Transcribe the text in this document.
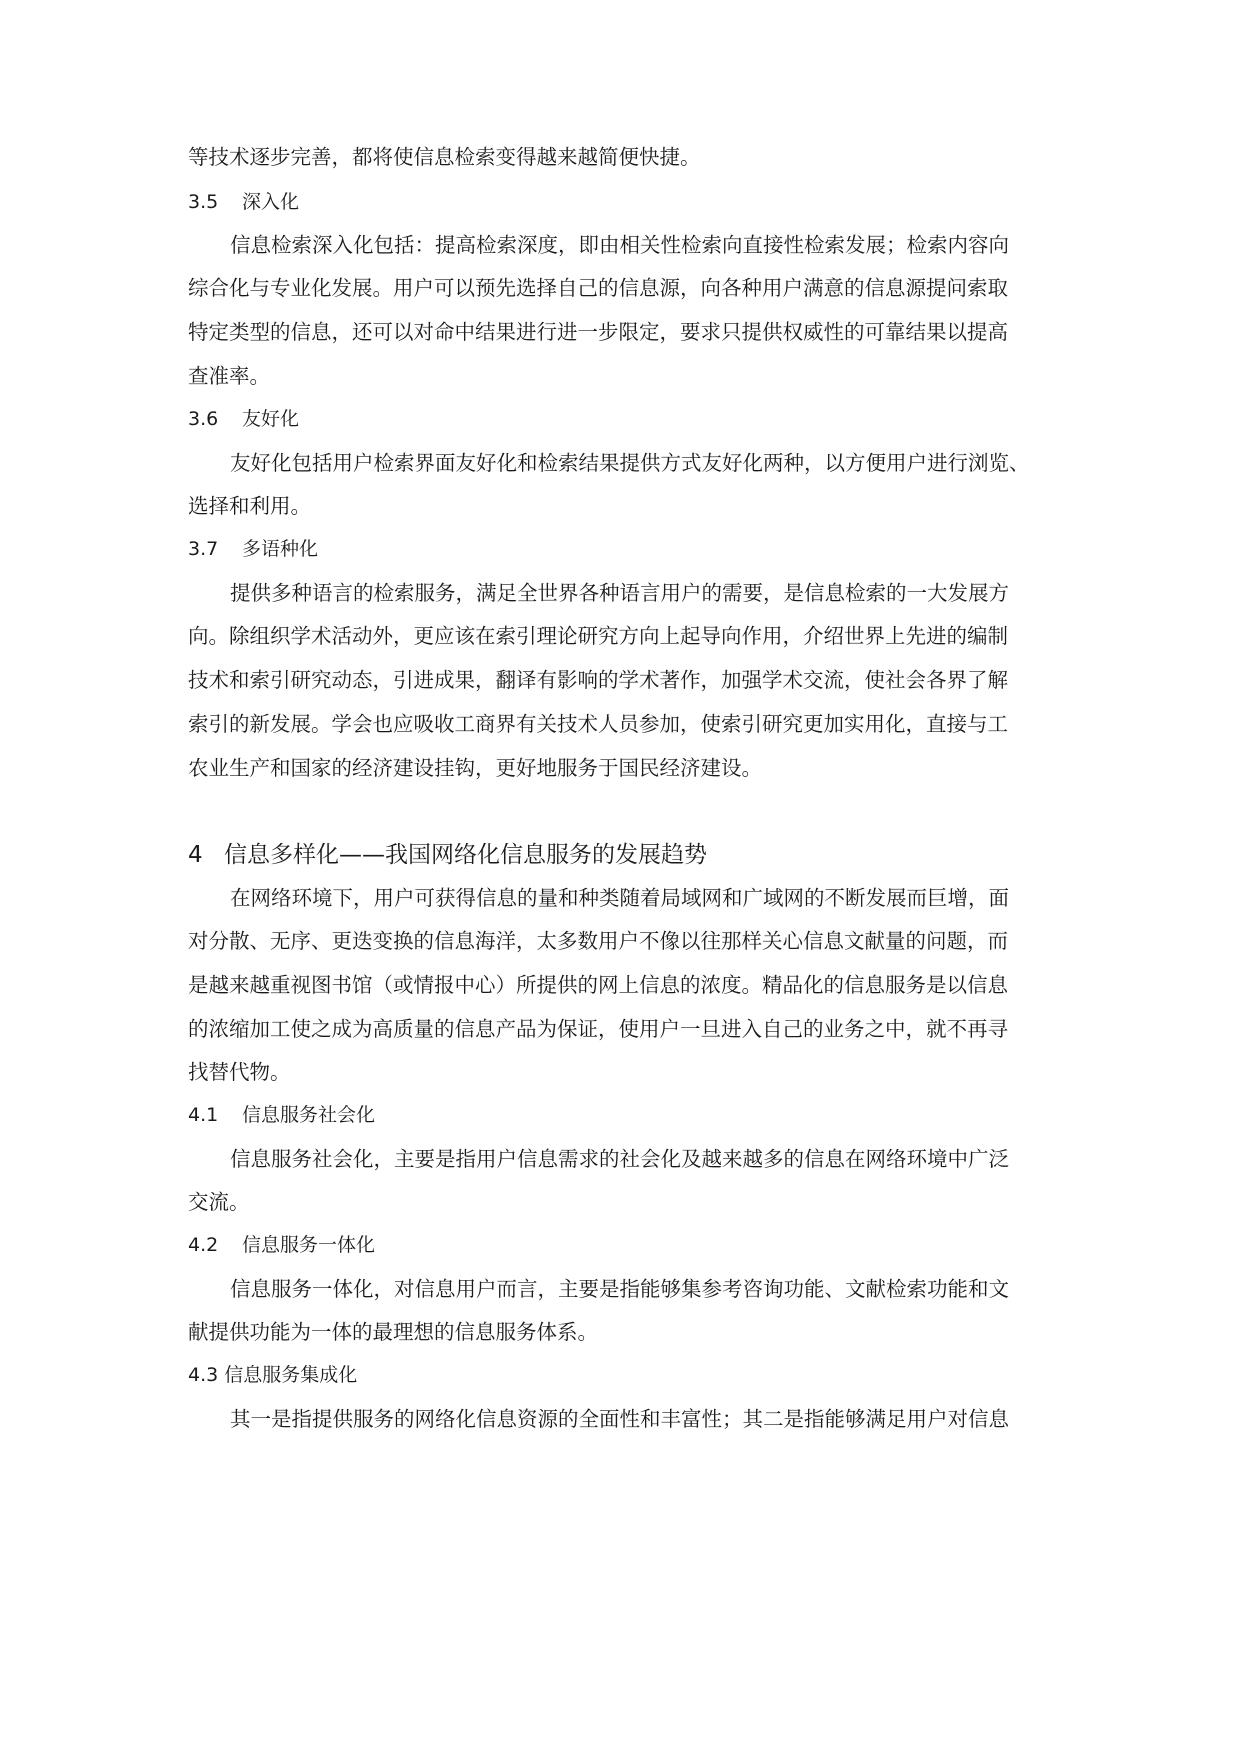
等技术逐步完善，都将使信息检索变得越来越简便快捷。
3.5 深入化
信息检索深入化包括：提高检索深度，即由相关性检索向直接性检索发展；检索内容向
综合化与专业化发展。用户可以预先选择自己的信息源，向各种用户满意的信息源提问索取
特定类型的信息，还可以对命中结果进行进一步限定，要求只提供权威性的可靠结果以提高
查准率。
3.6 友好化
友好化包括用户检索界面友好化和检索结果提供方式友好化两种，以方便用户进行浏览、
选择和利用。
3.7 多语种化
提供多种语言的检索服务，满足全世界各种语言用户的需要，是信息检索的一大发展方
向。除组织学术活动外，更应该在索引理论研究方向上起导向作用，介绍世界上先进的编制
技术和索引研究动态，引进成果，翻译有影响的学术著作，加强学术交流，使社会各界了解
索引的新发展。学会也应吸收工商界有关技术人员参加，使索引研究更加实用化，直接与工
农业生产和国家的经济建设挂钩，更好地服务于国民经济建设。
4 信息多样化——我国网络化信息服务的发展趋势
在网络环境下，用户可获得信息的量和种类随着局域网和广域网的不断发展而巨增，面
对分散、无序、更迭变换的信息海洋，太多数用户不像以往那样关心信息文献量的问题，而
是越来越重视图书馆（或情报中心）所提供的网上信息的浓度。精品化的信息服务是以信息
的浓缩加工使之成为高质量的信息产品为保证，使用户一旦进入自己的业务之中，就不再寻
找替代物。
4.1 信息服务社会化
信息服务社会化，主要是指用户信息需求的社会化及越来越多的信息在网络环境中广泛
交流。
4.2 信息服务一体化
信息服务一体化，对信息用户而言，主要是指能够集参考咨询功能、文献检索功能和文
献提供功能为一体的最理想的信息服务体系。
4.3 信息服务集成化
其一是指提供服务的网络化信息资源的全面性和丰富性；其二是指能够满足用户对信息
